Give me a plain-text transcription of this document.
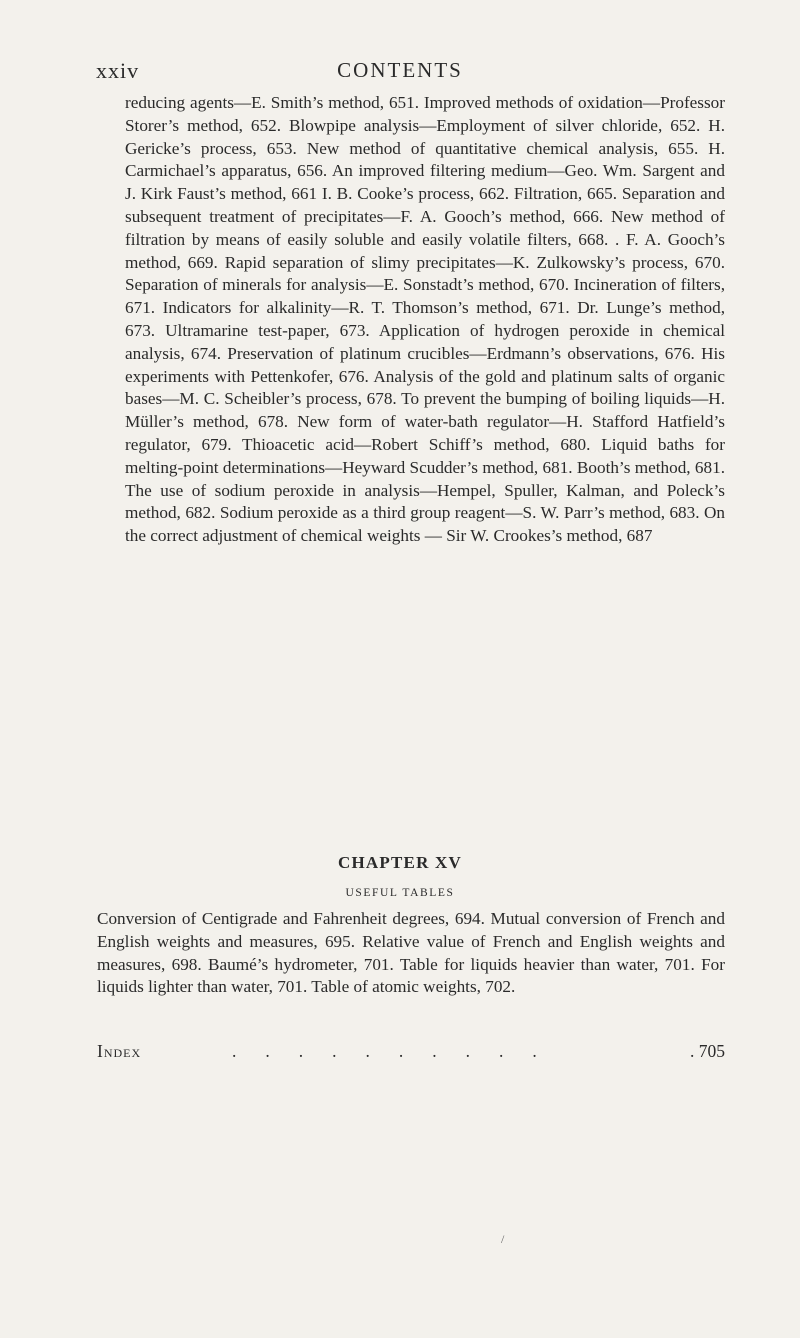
xxiv	CONTENTS

reducing agents—E. Smith’s method, 651. Improved methods of oxidation—Professor Storer’s method, 652. Blowpipe analysis—Employment of silver chloride, 652. H. Gericke’s process, 653. New method of quantitative chemical analysis, 655. H. Carmichael’s apparatus, 656. An improved filtering medium—Geo. Wm. Sargent and J. Kirk Faust’s method, 661 I. B. Cooke’s process, 662. Filtration, 665. Separation and subsequent treatment of precipitates—F. A. Gooch’s method, 666. New method of filtration by means of easily soluble and easily volatile filters, 668. . F. A. Gooch’s method, 669. Rapid separation of slimy precipitates—K. Zulkowsky’s process, 670. Separation of minerals for analysis—E. Sonstadt’s method, 670. Incineration of filters, 671. Indicators for alkalinity—R. T. Thomson’s method, 671. Dr. Lunge’s method, 673. Ultramarine test-paper, 673. Application of hydrogen peroxide in chemical analysis, 674. Preservation of platinum crucibles—Erdmann’s observations, 676. His experiments with Pettenkofer, 676. Analysis of the gold and platinum salts of organic bases—M. C. Scheibler’s process, 678. To prevent the bumping of boiling liquids—H. Müller’s method, 678. New form of water-bath regulator—H. Stafford Hatfield’s regulator, 679. Thioacetic acid—Robert Schiff’s method, 680. Liquid baths for melting-point determinations—Heyward Scudder’s method, 681. Booth’s method, 681. The use of sodium peroxide in analysis—Hempel, Spuller, Kalman, and Poleck’s method, 682. Sodium peroxide as a third group reagent—S. W. Parr’s method, 683. On the correct adjustment of chemical weights — Sir W. Crookes’s method, 687

CHAPTER XV
USEFUL TABLES

Conversion of Centigrade and Fahrenheit degrees, 694. Mutual conversion of French and English weights and measures, 695. Relative value of French and English weights and measures, 698. Baumé’s hydrometer, 701. Table for liquids heavier than water, 701. For liquids lighter than water, 701. Table of atomic weights, 702.

Index	..........	. 705
/
